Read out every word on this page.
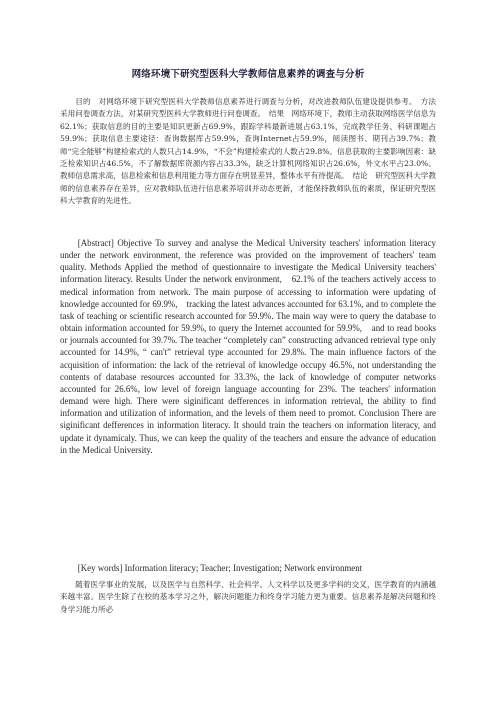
网络环境下研究型医科大学教师信息素养的调查与分析

目的　对网络环境下研究型医科大学教师信息素养进行调查与分析，对改进教师队伍建设提供参考。　方法　采用问卷调查方法，对某研究型医科大学教师进行问卷调查。　结果　网络环境下，教师主动获取网络医学信息为62.1%；获取信息的目的主要是知识更新占69.9%，跟踪学科最新进展占63.1%，完成教学任务、科研课题占59.9%；获取信息主要途径：查询数据库占59.9%，查询Internet占59.9%，阅读图书、期刊占39.7%；教师“完全能够”构建检索式的人数只占14.9%，“不会”构建检索式的人数占29.8%。信息获取的主要影响因素：缺乏检索知识占46.5%，不了解数据库资源内容占33.3%，缺乏计算机网络知识占26.6%，外文水平占23.0%。教师信息需求高，信息检索和信息利用能力等方面存在明显差异，整体水平有待提高。　结论　研究型医科大学教师的信息素养存在差异，应对教师队伍进行信息素养培训并动态更新，才能保持教师队伍的素质，保证研究型医科大学教育的先进性。

[Abstract] Objective To survey and analyse the Medical University teachers' information literacy under the network environment, the reference was provided on the improvement of teachers' team quality. Methods Applied the method of questionnaire to investigate the Medical University teachers' information literacy. Results Under the network environment,　62.1% of the teachers actively access to medical information from network. The main purpose of accessing to information were updating of knowledge accounted for 69.9%,　tracking the latest advances accounted for 63.1%, and to complete the task of teaching or scientific research accounted for 59.9%. The main way were to query the database to obtain information accounted for 59.9%, to query the Internet accounted for 59.9%,　and to read books or journals accounted for 39.7%. The teacher “completely can” constructing advanced retrieval type only accounted for 14.9%, “ can't” retrieval type accounted for 29.8%. The main influence factors of the acquisition of information: the lack of the retrieval of knowledge occupy 46.5%, not understanding the contents of database resources accounted for 33.3%, the lack of knowledge of computer networks accounted for 26.6%, low level of foreign language accounting for 23%. The teachers' information demand were high. There were siginificant defferences in information retrieval, the ability to find information and utilization of information, and the levels of them need to promot. Conclusion There are siginificant defferences in information literacy. It should train the teachers on information literacy, and update it dynamicaly. Thus, we can keep the quality of the teachers and ensure the advance of education in the Medical University.

[Key words] Information literacy; Teacher; Investigation; Network environment

随着医学事业的发展，以及医学与自然科学、社会科学、人文科学以及更多学科的交叉，医学教育的内涵越来越丰富。医学生除了在校的基本学习之外，解决问题能力和终身学习能力更为重要。信息素养是解决问题和终身学习能力所必
